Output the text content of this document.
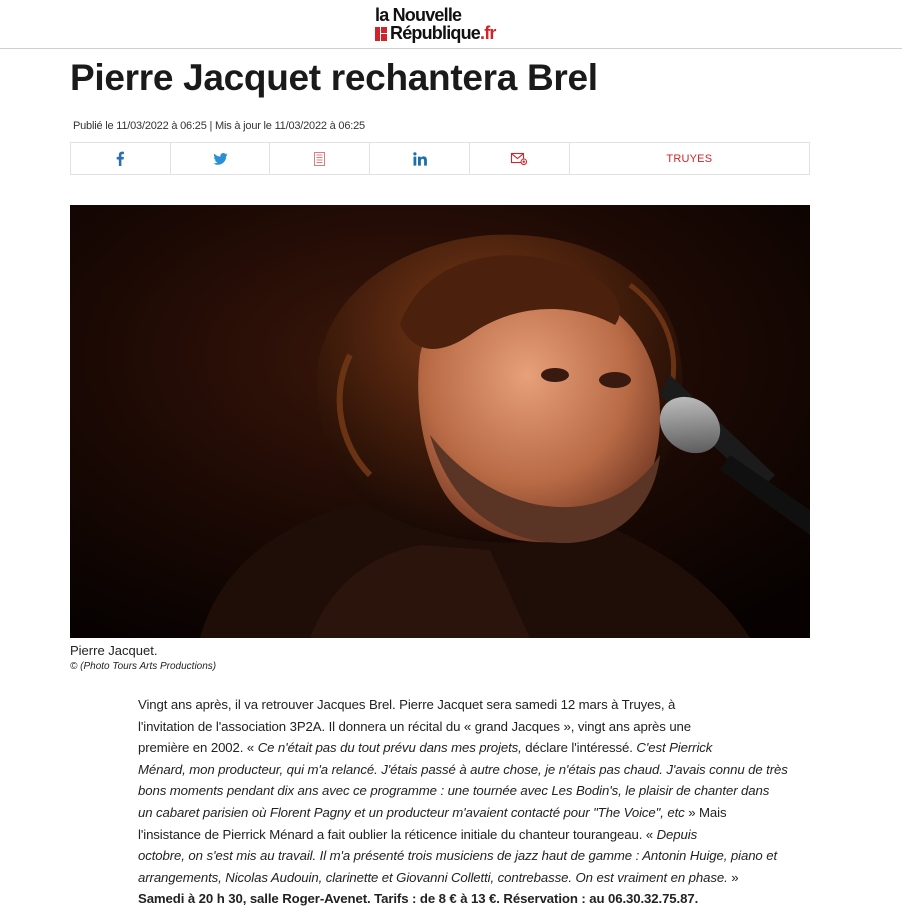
la Nouvelle
République.fr
Pierre Jacquet rechantera Brel
Publié le 11/03/2022 à 06:25 | Mis à jour le 11/03/2022 à 06:25
TRUYES
Pierre Jacquet.
© (Photo Tours Arts Productions)

Vingt ans après, il va retrouver Jacques Brel. Pierre Jacquet sera samedi 12 mars à Truyes, à

l'invitation de l'association 3P2A. Il donnera un récital du « grand Jacques », vingt ans après une

première en 2002. « Ce n'était pas du tout prévu dans mes projets, déclare l'intéressé. C'est Pierrick

Ménard, mon producteur, qui m'a relancé. J'étais passé à autre chose, je n'étais pas chaud. J'avais connu de très

bons moments pendant dix ans avec ce programme : une tournée avec Les Bodin's, le plaisir de chanter dans

un cabaret parisien où Florent Pagny et un producteur m'avaient contacté pour "The Voice", etc » Mais

l'insistance de Pierrick Ménard a fait oublier la réticence initiale du chanteur tourangeau. « Depuis

octobre, on s'est mis au travail. Il m'a présenté trois musiciens de jazz haut de gamme : Antonin Huige, piano et

arrangements, Nicolas Audouin, clarinette et Giovanni Colletti, contrebasse. On est vraiment en phase. »

Samedi à 20 h 30, salle Roger-Avenet. Tarifs : de 8 € à 13 €. Réservation : au 06.30.32.75.87.
